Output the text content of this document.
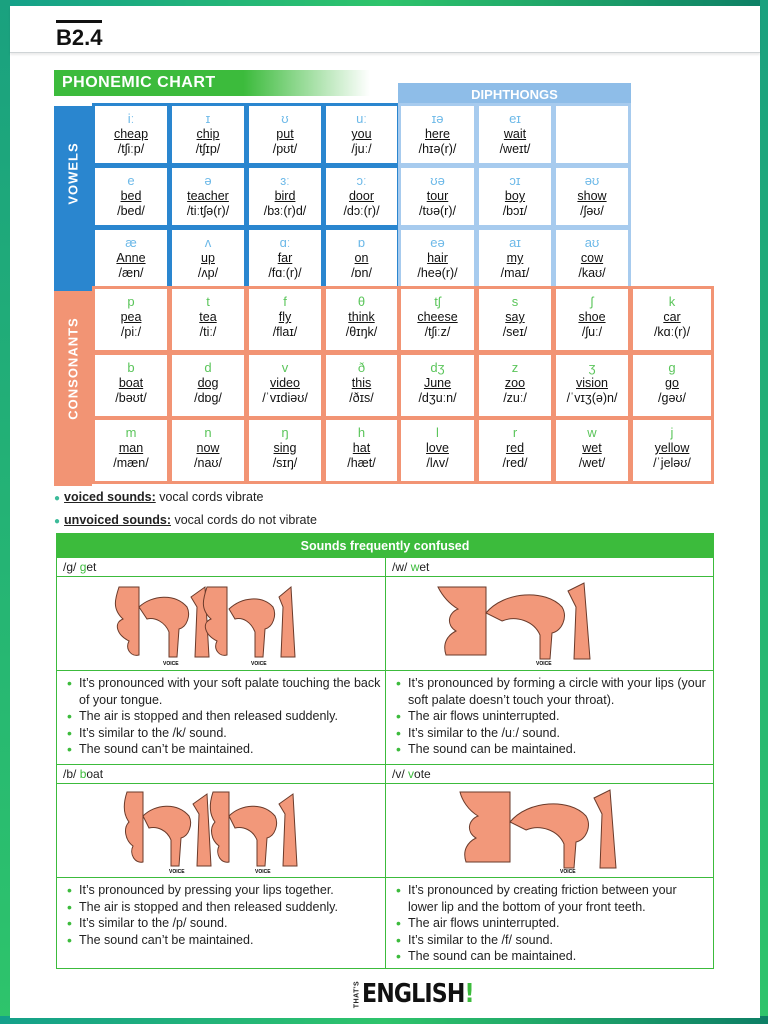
B2.4
PHONEMIC CHART
DIPHTHONGS
VOWELS
CONSONANTS
iː
cheap
/tʃiːp/
ɪ
chip
/tʃɪp/
ʊ
put
/pʊt/
uː
you
/juː/
e
bed
/bed/
ə
teacher
/tiːtʃə(r)/
ɜː
bird
/bɜː(r)d/
ɔː
door
/dɔː(r)/
æ
Anne
/æn/
ʌ
up
/ʌp/
ɑː
far
/fɑː(r)/
ɒ
on
/ɒn/
ɪə
here
/hɪə(r)/
eɪ
wait
/weɪt/
ʊə
tour
/tʊə(r)/
ɔɪ
boy
/bɔɪ/
əʊ
show
/ʃəʊ/
eə
hair
/heə(r)/
aɪ
my
/maɪ/
aʊ
cow
/kaʊ/
p
pea
/piː/
t
tea
/tiː/
f
fly
/flaɪ/
θ
think
/θɪŋk/
tʃ
cheese
/tʃiːz/
s
say
/seɪ/
ʃ
shoe
/ʃuː/
k
car
/kɑː(r)/
b
boat
/bəʊt/
d
dog
/dɒg/
v
video
/ˈvɪdiəʊ/
ð
this
/ðɪs/
dʒ
June
/dʒuːn/
z
zoo
/zuː/
ʒ
vision
/ˈvɪʒ(ə)n/
g
go
/gəʊ/
m
man
/mæn/
n
now
/naʊ/
ŋ
sing
/sɪŋ/
h
hat
/hæt/
l
love
/lʌv/
r
red
/red/
w
wet
/wet/
j
yellow
/ˈjeləʊ/
● voiced sounds: vocal cords vibrate
● unvoiced sounds: vocal cords do not vibrate
Sounds frequently confused
/g/ get
VOICE	VOICE
• It’s pronounced with your soft palate touching the back of your tongue.
• The air is stopped and then released suddenly.
• It’s similar to the /k/ sound.
• The sound can’t be maintained.
/w/ wet
VOICE
• It’s pronounced by forming a circle with your lips (your soft palate doesn’t touch your throat).
• The air flows uninterrupted.
• It’s similar to the /uː/ sound.
• The sound can be maintained.
/b/ boat
VOICE	VOICE
• It’s pronounced by pressing your lips together.
• The air is stopped and then released suddenly.
• It’s similar to the /p/ sound.
• The sound can’t be maintained.
/v/ vote
VOICE
• It’s pronounced by creating friction between your lower lip and the bottom of your front teeth.
• The air flows uninterrupted.
• It’s similar to the /f/ sound.
• The sound can be maintained.
THAT'S ENGLISH!
